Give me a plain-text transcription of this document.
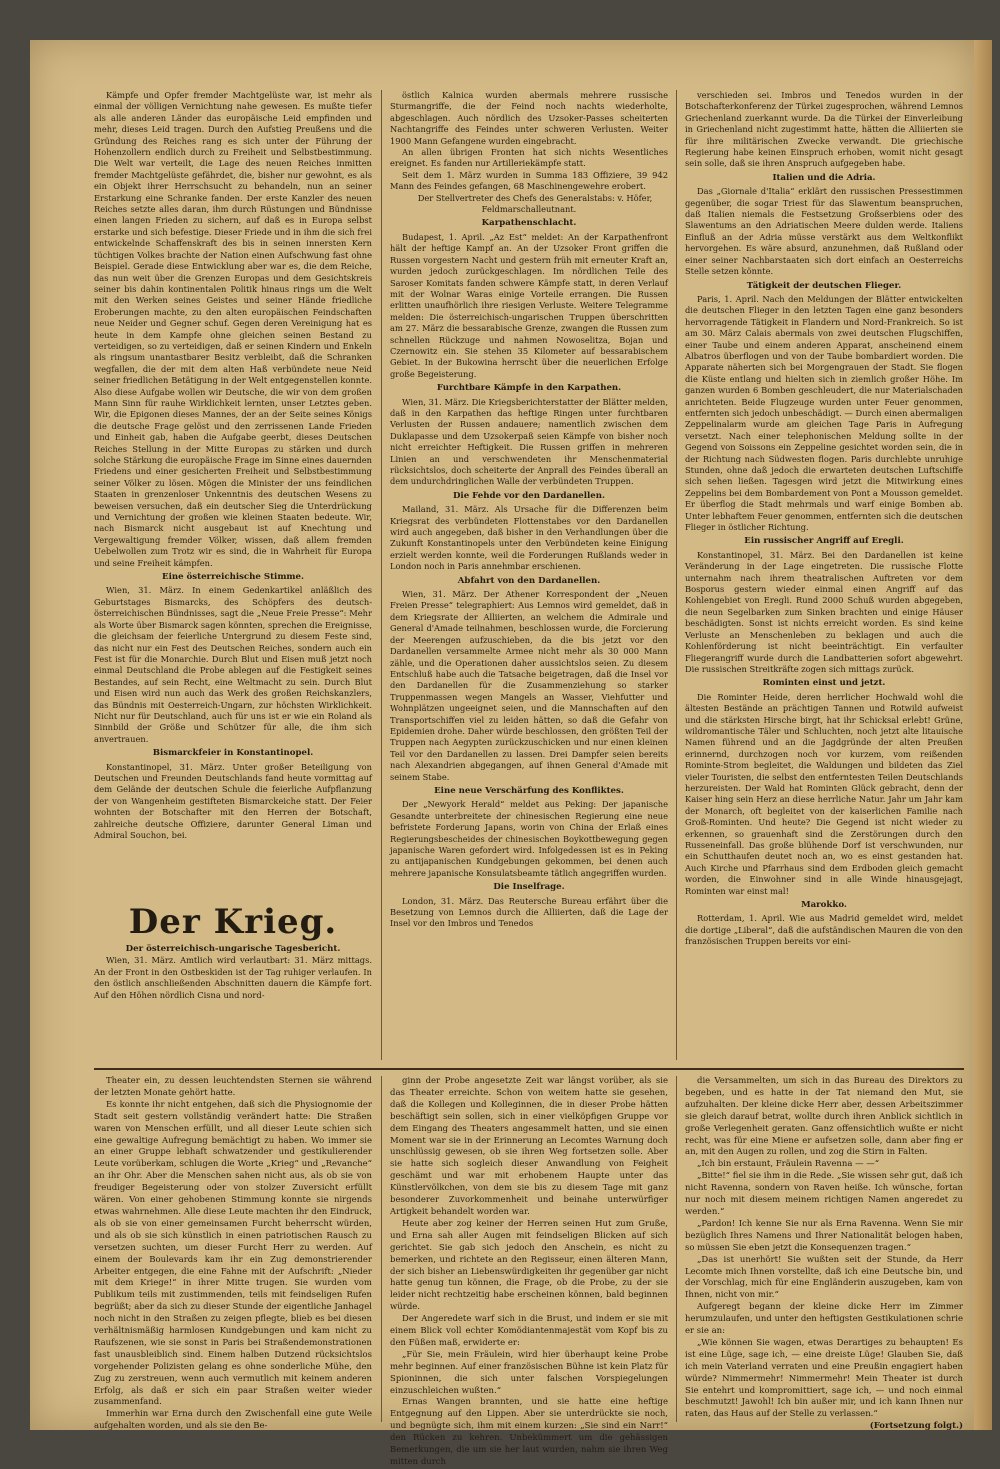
Kämpfe und Opfer fremder Machtgelüste war, ist mehr als einmal der völligen Vernichtung nahe gewesen. Es mußte tiefer als alle anderen Länder das europäische Leid empfinden und mehr, dieses Leid tragen. Durch den Aufstieg Preußens und die Gründung des Reiches rang es sich unter der Führung der Hohenzollern endlich durch zu Freiheit und Selbstbestimmung. Die Welt war verteilt, die Lage des neuen Reiches inmitten fremder Machtgelüste gefährdet, die, bisher nur gewohnt, es als ein Objekt ihrer Herrschsucht zu behandeln, nun an seiner Erstarkung eine Schranke fanden. Der erste Kanzler des neuen Reiches setzte alles daran, ihm durch Rüstungen und Bündnisse einen langen Frieden zu sichern, auf daß es in Europa selbst erstarke und sich befestige. Dieser Friede und in ihm die sich frei entwickelnde Schaffenskraft des bis in seinen innersten Kern tüchtigen Volkes brachte der Nation einen Aufschwung fast ohne Beispiel. Gerade diese Entwicklung aber war es, die dem Reiche, das nun weit über die Grenzen Europas und dem Gesichtskreis seiner bis dahin kontinentalen Politik hinaus rings um die Welt mit den Werken seines Geistes und seiner Hände friedliche Eroberungen machte, zu den alten europäischen Feindschaften neue Neider und Gegner schuf. Gegen deren Vereinigung hat es heute in dem Kampfe ohne gleichen seinen Bestand zu verteidigen, so zu verteidigen, daß er seinen Kindern und Enkeln als ringsum unantastbarer Besitz verbleibt, daß die Schranken wegfallen, die der mit dem alten Haß verbündete neue Neid seiner friedlichen Betätigung in der Welt entgegenstellen konnte. Also diese Aufgabe wollen wir Deutsche, die wir von dem großen Mann Sinn für rauhe Wirklichkeit lernten, unser Letztes geben. Wir, die Epigonen dieses Mannes, der an der Seite seines Königs die deutsche Frage gelöst und den zerrissenen Lande Frieden und Einheit gab, haben die Aufgabe geerbt, dieses Deutschen Reiches Stellung in der Mitte Europas zu stärken und durch solche Stärkung die europäische Frage im Sinne eines dauernden Friedens und einer gesicherten Freiheit und Selbstbestimmung seiner Völker zu lösen. Mögen die Minister der uns feindlichen Staaten in grenzenloser Unkenntnis des deutschen Wesens zu beweisen versuchen, daß ein deutscher Sieg die Unterdrückung und Vernichtung der großen wie kleinen Staaten bedeute. Wir, nach Bismarck nicht ausgebaut ist auf Knechtung und Vergewaltigung fremder Völker, wissen, daß allem fremden Uebelwollen zum Trotz wir es sind, die in Wahrheit für Europa und seine Freiheit kämpfen.

Eine österreichische Stimme.

Wien, 31. März. In einem Gedenkartikel anläßlich des Geburtstages Bismarcks, des Schöpfers des deutsch-österreichischen Bündnisses, sagt die „Neue Freie Presse“: Mehr als Worte über Bismarck sagen könnten, sprechen die Ereignisse, die gleichsam der feierliche Untergrund zu diesem Feste sind, das nicht nur ein Fest des Deutschen Reiches, sondern auch ein Fest ist für die Monarchie. Durch Blut und Eisen muß jetzt noch einmal Deutschland die Probe ablegen auf die Festigkeit seines Bestandes, auf sein Recht, eine Weltmacht zu sein. Durch Blut und Eisen wird nun auch das Werk des großen Reichskanzlers, das Bündnis mit Oesterreich-Ungarn, zur höchsten Wirklichkeit. Nicht nur für Deutschland, auch für uns ist er wie ein Roland als Sinnbild der Größe und Schützer für alle, die ihm sich anvertrauen.

Bismarckfeier in Konstantinopel.

Konstantinopel, 31. März. Unter großer Beteiligung von Deutschen und Freunden Deutschlands fand heute vormittag auf dem Gelände der deutschen Schule die feierliche Aufpflanzung der von Wangenheim gestifteten Bismarckeiche statt. Der Feier wohnten der Botschafter mit den Herren der Botschaft, zahlreiche deutsche Offiziere, darunter General Liman und Admiral Souchon, bei.

Der Krieg.
Der österreichisch-ungarische Tagesbericht.

Wien, 31. März. Amtlich wird verlautbart: 31. März mittags. An der Front in den Ostbeskiden ist der Tag ruhiger verlaufen. In den östlich anschließenden Abschnitten dauern die Kämpfe fort. Auf den Höhen nördlich Cisna und nord-

östlich Kalnica wurden abermals mehrere russische Sturmangriffe, die der Feind noch nachts wiederholte, abgeschlagen. Auch nördlich des Uzsoker-Passes scheiterten Nachtangriffe des Feindes unter schweren Verlusten. Weiter 1900 Mann Gefangene wurden eingebracht.

An allen übrigen Fronten hat sich nichts Wesentliches ereignet. Es fanden nur Artilleriekämpfe statt.

Seit dem 1. März wurden in Summa 183 Offiziere, 39 942 Mann des Feindes gefangen, 68 Maschinengewehre erobert.

Der Stellvertreter des Chefs des Generalstabs: v. Höfer, Feldmarschalleutnant.

Karpathenschlacht.

Budapest, 1. April. „Az Est“ meldet: An der Karpathenfront hält der heftige Kampf an. An der Uzsoker Front griffen die Russen vorgestern Nacht und gestern früh mit erneuter Kraft an, wurden jedoch zurückgeschlagen. Im nördlichen Teile des Saroser Komitats fanden schwere Kämpfe statt, in deren Verlauf mit der Wolnar Waras einige Vorteile errangen. Die Russen erlitten unaufhörlich ihre riesigen Verluste. Weitere Telegramme melden: Die österreichisch-ungarischen Truppen überschritten am 27. März die bessarabische Grenze, zwangen die Russen zum schnellen Rückzuge und nahmen Nowoselitza, Bojan und Czernowitz ein. Sie stehen 35 Kilometer auf bessarabischem Gebiet. In der Bukowina herrscht über die neuerlichen Erfolge große Begeisterung.

Furchtbare Kämpfe in den Karpathen.

Wien, 31. März. Die Kriegsberichterstatter der Blätter melden, daß in den Karpathen das heftige Ringen unter furchtbaren Verlusten der Russen andauere; namentlich zwischen dem Duklapasse und dem Uzsokerpaß seien Kämpfe von bisher noch nicht erreichter Heftigkeit. Die Russen griffen in mehreren Linien an und verschwendeten ihr Menschenmaterial rücksichtslos, doch scheiterte der Anprall des Feindes überall an dem undurchdringlichen Walle der verbündeten Truppen.

Die Fehde vor den Dardanellen.

Mailand, 31. März. Als Ursache für die Differenzen beim Kriegsrat des verbündeten Flottenstabes vor den Dardanellen wird auch angegeben, daß bisher in den Verhandlungen über die Zukunft Konstantinopels unter den Verbündeten keine Einigung erzielt werden konnte, weil die Forderungen Rußlands weder in London noch in Paris annehmbar erschienen.

Abfahrt von den Dardanellen.

Wien, 31. März. Der Athener Korrespondent der „Neuen Freien Presse“ telegraphiert: Aus Lemnos wird gemeldet, daß in dem Kriegsrate der Alliierten, an welchem die Admirale und General d'Amade teilnahmen, beschlossen wurde, die Forcierung der Meerengen aufzuschieben, da die bis jetzt vor den Dardanellen versammelte Armee nicht mehr als 30 000 Mann zähle, und die Operationen daher aussichtslos seien. Zu diesem Entschluß habe auch die Tatsache beigetragen, daß die Insel vor den Dardanellen für die Zusammenziehung so starker Truppenmassen wegen Mangels an Wasser, Viehfutter und Wohnplätzen ungeeignet seien, und die Mannschaften auf den Transportschiffen viel zu leiden hätten, so daß die Gefahr von Epidemien drohe. Daher würde beschlossen, den größten Teil der Truppen nach Aegypten zurückzuschicken und nur einen kleinen Teil vor den Dardanellen zu lassen. Drei Dampfer seien bereits nach Alexandrien abgegangen, auf ihnen General d'Amade mit seinem Stabe.

Eine neue Verschärfung des Konfliktes.

Der „Newyork Herald“ meldet aus Peking: Der japanische Gesandte unterbreitete der chinesischen Regierung eine neue befristete Forderung Japans, worin von China der Erlaß eines Regierungsbescheides der chinesischen Boykottbewegung gegen japanische Waren gefordert wird. Infolgedessen ist es in Peking zu antijapanischen Kundgebungen gekommen, bei denen auch mehrere japanische Konsulatsbeamte tätlich angegriffen wurden.

Die Inselfrage.

London, 31. März. Das Reutersche Bureau erfährt über die Besetzung von Lemnos durch die Alliierten, daß die Lage der Insel vor den Imbros und Tenedos

verschieden sei. Imbros und Tenedos wurden in der Botschafterkonferenz der Türkei zugesprochen, während Lemnos Griechenland zuerkannt wurde. Da die Türkei der Einverleibung in Griechenland nicht zugestimmt hatte, hätten die Alliierten sie für ihre militärischen Zwecke verwandt. Die griechische Regierung habe keinen Einspruch erhoben, womit nicht gesagt sein solle, daß sie ihren Anspruch aufgegeben habe.

Italien und die Adria.

Das „Giornale d'Italia“ erklärt den russischen Pressestimmen gegenüber, die sogar Triest für das Slawentum beanspruchen, daß Italien niemals die Festsetzung Großserbiens oder des Slawentums an den Adriatischen Meere dulden werde. Italiens Einfluß an der Adria müsse verstärkt aus dem Weltkonflikt hervorgehen. Es wäre absurd, anzunehmen, daß Rußland oder einer seiner Nachbarstaaten sich dort einfach an Oesterreichs Stelle setzen könnte.

Tätigkeit der deutschen Flieger.

Paris, 1. April. Nach den Meldungen der Blätter entwickelten die deutschen Flieger in den letzten Tagen eine ganz besonders hervorragende Tätigkeit in Flandern und Nord-Frankreich. So ist am 30. März Calais abermals von zwei deutschen Flugschiffen, einer Taube und einem anderen Apparat, anscheinend einem Albatros überflogen und von der Taube bombardiert worden. Die Apparate näherten sich bei Morgengrauen der Stadt. Sie flogen die Küste entlang und hielten sich in ziemlich großer Höhe. Im ganzen wurden 6 Bomben geschleudert, die nur Materialschaden anrichteten. Beide Flugzeuge wurden unter Feuer genommen, entfernten sich jedoch unbeschädigt. — Durch einen abermaligen Zeppelinalarm wurde am gleichen Tage Paris in Aufregung versetzt. Nach einer telephonischen Meldung sollte in der Gegend von Soissons ein Zeppeline gesichtet worden sein, die in der Richtung nach Südwesten flogen. Paris durchlebte unruhige Stunden, ohne daß jedoch die erwarteten deutschen Luftschiffe sich sehen ließen. Tagesgen wird jetzt die Mitwirkung eines Zeppelins bei dem Bombardement von Pont a Mousson gemeldet. Er überflog die Stadt mehrmals und warf einige Bomben ab. Unter lebhaftem Feuer genommen, entfernten sich die deutschen Flieger in östlicher Richtung.

Ein russischer Angriff auf Eregli.

Konstantinopel, 31. März. Bei den Dardanellen ist keine Veränderung in der Lage eingetreten. Die russische Flotte unternahm nach ihrem theatralischen Auftreten vor dem Bosporus gestern wieder einmal einen Angriff auf das Kohlengebiet von Eregli. Rund 2000 Schuß wurden abgegeben, die neun Segelbarken zum Sinken brachten und einige Häuser beschädigten. Sonst ist nichts erreicht worden. Es sind keine Verluste an Menschenleben zu beklagen und auch die Kohlenförderung ist nicht beeinträchtigt. Ein verfaulter Fliegerangriff wurde durch die Landbatterien sofort abgewehrt. Die russischen Streitkräfte zogen sich mittags zurück.

Rominten einst und jetzt.

Die Rominter Heide, deren herrlicher Hochwald wohl die ältesten Bestände an prächtigen Tannen und Rotwild aufweist und die stärksten Hirsche birgt, hat ihr Schicksal erlebt! Grüne, wildromantische Täler und Schluchten, noch jetzt alte litauische Namen führend und an die Jagdgründe der alten Preußen erinnernd, durchzogen noch vor kurzem, vom reißenden Rominte-Strom begleitet, die Waldungen und bildeten das Ziel vieler Touristen, die selbst den entferntesten Teilen Deutschlands herzureisten. Der Wald hat Rominten Glück gebracht, denn der Kaiser hing sein Herz an diese herrliche Natur. Jahr um Jahr kam der Monarch, oft begleitet von der kaiserlichen Familie nach Groß-Rominten. Und heute? Die Gegend ist nicht wieder zu erkennen, so grauenhaft sind die Zerstörungen durch den Russeneinfall. Das große blühende Dorf ist verschwunden, nur ein Schutthaufen deutet noch an, wo es einst gestanden hat. Auch Kirche und Pfarrhaus sind dem Erdboden gleich gemacht worden, die Einwohner sind in alle Winde hinausgejagt, Rominten war einst mal!

Marokko.

Rotterdam, 1. April. Wie aus Madrid gemeldet wird, meldet die dortige „Liberal“, daß die aufständischen Mauren die von den französischen Truppen bereits vor eini-

Theater ein, zu dessen leuchtendsten Sternen sie während der letzten Monate gehört hatte.

Es konnte ihr nicht entgehen, daß sich die Physiognomie der Stadt seit gestern vollständig verändert hatte: Die Straßen waren von Menschen erfüllt, und all dieser Leute schien sich eine gewaltige Aufregung bemächtigt zu haben. Wo immer sie an einer Gruppe lebhaft schwatzender und gestikulierender Leute vorüberkam, schlugen die Worte „Krieg“ und „Revanche“ an ihr Ohr. Aber die Menschen sahen nicht aus, als ob sie von freudiger Begeisterung oder von stolzer Zuversicht erfüllt wären. Von einer gehobenen Stimmung konnte sie nirgends etwas wahrnehmen. Alle diese Leute machten ihr den Eindruck, als ob sie von einer gemeinsamen Furcht beherrscht würden, und als ob sie sich künstlich in einen patriotischen Rausch zu versetzen suchten, um dieser Furcht Herr zu werden. Auf einem der Boulevards kam ihr ein Zug demonstrierender Arbeiter entgegen, die eine Fahne mit der Aufschrift: „Nieder mit dem Kriege!“ in ihrer Mitte trugen. Sie wurden vom Publikum teils mit zustimmenden, teils mit feindseligen Rufen begrüßt; aber da sich zu dieser Stunde der eigentliche Janhagel noch nicht in den Straßen zu zeigen pflegte, blieb es bei diesen verhältnismäßig harmlosen Kundgebungen und kam nicht zu Raufszenen, wie sie sonst in Paris bei Straßendemonstrationen fast unausbleiblich sind. Einem halben Dutzend rücksichtslos vorgehender Polizisten gelang es ohne sonderliche Mühe, den Zug zu zerstreuen, wenn auch vermutlich mit keinem anderen Erfolg, als daß er sich ein paar Straßen weiter wieder zusammenfand.

Immerhin war Erna durch den Zwischenfall eine gute Weile aufgehalten worden, und als sie den Be-

ginn der Probe angesetzte Zeit war längst vorüber, als sie das Theater erreichte. Schon von weitem hatte sie gesehen, daß die Kollegen und Kolleginnen, die in dieser Probe hätten beschäftigt sein sollen, sich in einer vielköpfigen Gruppe vor dem Eingang des Theaters angesammelt hatten, und sie einen Moment war sie in der Erinnerung an Lecomtes Warnung doch unschlüssig gewesen, ob sie ihren Weg fortsetzen solle. Aber sie hatte sich sogleich dieser Anwandlung von Feigheit geschämt und war mit erhobenem Haupte unter das Künstlervölkchen, von dem sie bis zu diesem Tage mit ganz besonderer Zuvorkommenheit und beinahe unterwürfiger Artigkeit behandelt worden war.

Heute aber zog keiner der Herren seinen Hut zum Gruße, und Erna sah aller Augen mit feindseligen Blicken auf sich gerichtet. Sie gab sich jedoch den Anschein, es nicht zu bemerken, und richtete an den Regisseur, einen älteren Mann, der sich bisher an Liebenswürdigkeiten ihr gegenüber gar nicht hatte genug tun können, die Frage, ob die Probe, zu der sie leider nicht rechtzeitig habe erscheinen können, bald beginnen würde.

Der Angeredete warf sich in die Brust, und indem er sie mit einem Blick voll echter Komödiantenmajestät vom Kopf bis zu den Füßen maß, erwiderte er:

„Für Sie, mein Fräulein, wird hier überhaupt keine Probe mehr beginnen. Auf einer französischen Bühne ist kein Platz für Spioninnen, die sich unter falschen Vorspiegelungen einzuschleichen wußten.“

Ernas Wangen brannten, und sie hatte eine heftige Entgegnung auf den Lippen. Aber sie unterdrückte sie noch, und begnügte sich, ihm mit einem kurzen: „Sie sind ein Narr!“ den Rücken zu kehren. Unbekümmert um die gehässigen Bemerkungen, die um sie her laut wurden, nahm sie ihren Weg mitten durch

die Versammelten, um sich in das Bureau des Direktors zu begeben, und es hatte in der Tat niemand den Mut, sie aufzuhalten. Der kleine dicke Herr aber, dessen Arbeitszimmer sie gleich darauf betrat, wollte durch ihren Anblick sichtlich in große Verlegenheit geraten. Ganz offensichtlich wußte er nicht recht, was für eine Miene er aufsetzen solle, dann aber fing er an, mit den Augen zu rollen, und zog die Stirn in Falten.

„Ich bin erstaunt, Fräulein Ravenna — —“

„Bitte!“ fiel sie ihm in die Rede. „Sie wissen sehr gut, daß ich nicht Ravenna, sondern von Raven heiße. Ich wünsche, fortan nur noch mit diesem meinem richtigen Namen angeredet zu werden.“

„Pardon! Ich kenne Sie nur als Erna Ravenna. Wenn Sie mir bezüglich Ihres Namens und Ihrer Nationalität belogen haben, so müssen Sie eben jetzt die Konsequenzen tragen.“

„Das ist unerhört! Sie wußten seit der Stunde, da Herr Lecomte mich Ihnen vorstellte, daß ich eine Deutsche bin, und der Vorschlag, mich für eine Engländerin auszugeben, kam von Ihnen, nicht von mir.“

Aufgeregt begann der kleine dicke Herr im Zimmer herumzulaufen, und unter den heftigsten Gestikulationen schrie er sie an:

„Wie können Sie wagen, etwas Derartiges zu behaupten! Es ist eine Lüge, sage ich, — eine dreiste Lüge! Glauben Sie, daß ich mein Vaterland verraten und eine Preußin engagiert haben würde? Nimmermehr! Nimmermehr! Mein Theater ist durch Sie entehrt und kompromittiert, sage ich, — und noch einmal beschmutzt! Jawohl! Ich bin außer mir, und ich kann Ihnen nur raten, das Haus auf der Stelle zu verlassen.“

(Fortsetzung folgt.)
